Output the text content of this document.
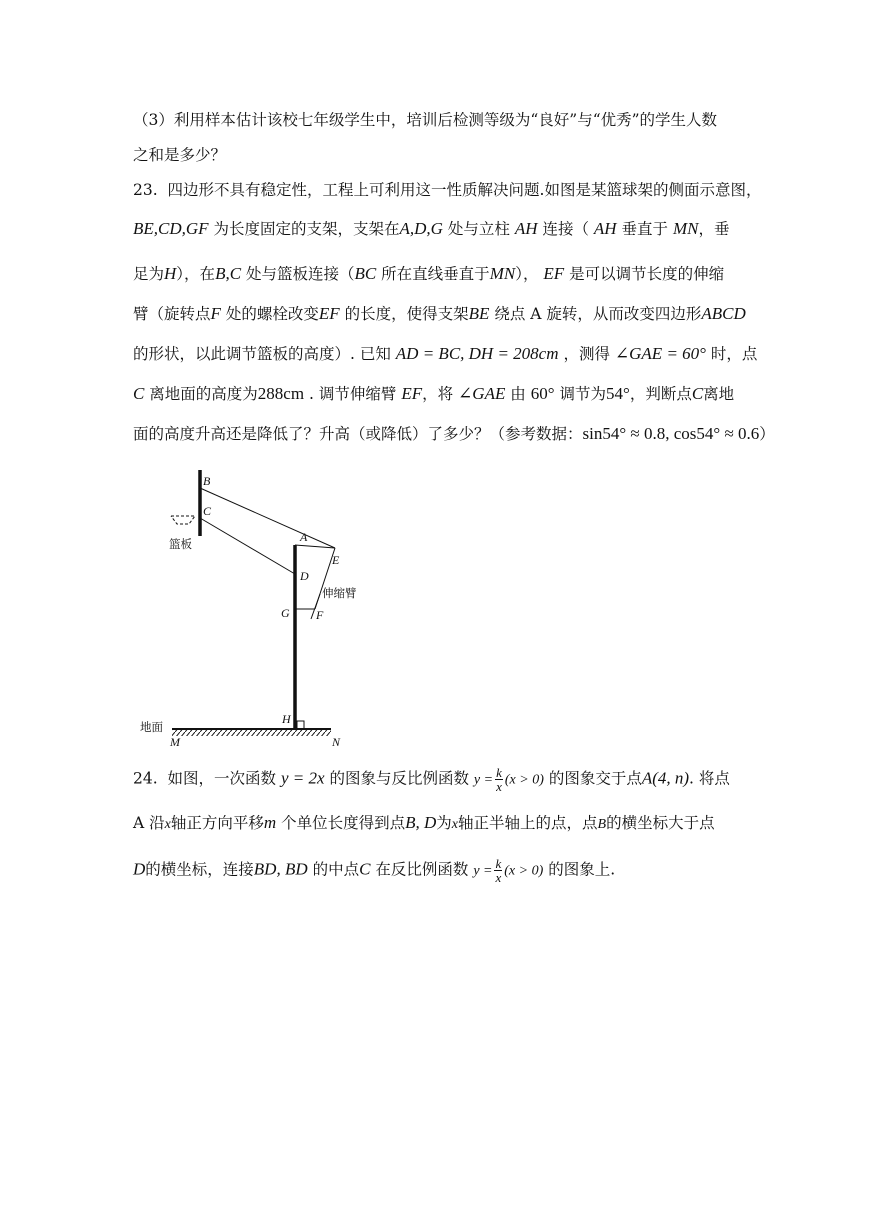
（3）利用样本估计该校七年级学生中，培训后检测等级为“良好”与“优秀”的学生人数
之和是多少？
23. 四边形不具有稳定性，工程上可利用这一性质解决问题.如图是某篮球架的侧面示意图，
BE,CD,GF 为长度固定的支架，支架在A,D,G 处与立柱 AH 连接（ AH 垂直于 MN，垂
足为H），在B,C 处与篮板连接（BC 所在直线垂直于MN）， EF 是可以调节长度的伸缩
臂（旋转点F 处的螺栓改变EF 的长度，使得支架BE 绕点 A 旋转，从而改变四边形ABCD
的形状，以此调节篮板的高度）. 已知 AD = BC, DH = 208cm ，测得 ∠GAE = 60° 时，点
C 离地面的高度为288cm . 调节伸缩臂 EF，将 ∠GAE 由 60° 调节为54°，判断点C离地
面的高度升高还是降低了？升高（或降低）了多少？（参考数据：sin54° ≈ 0.8, cos54° ≈ 0.6）
B
C
A
E
D
G F
H
M	N
篮板
伸缩臂
地面
24. 如图，一次函数 y = 2x 的图象与反比例函数 $y = \frac{k}{x} (x > 0)$ 的图象交于点A(4, n). 将点
A 沿x轴正方向平移m 个单位长度得到点B, D为x轴正半轴上的点，点B的横坐标大于点
D的横坐标，连接BD, BD 的中点C 在反比例函数 $y = \frac{k}{x} (x > 0)$ 的图象上.
